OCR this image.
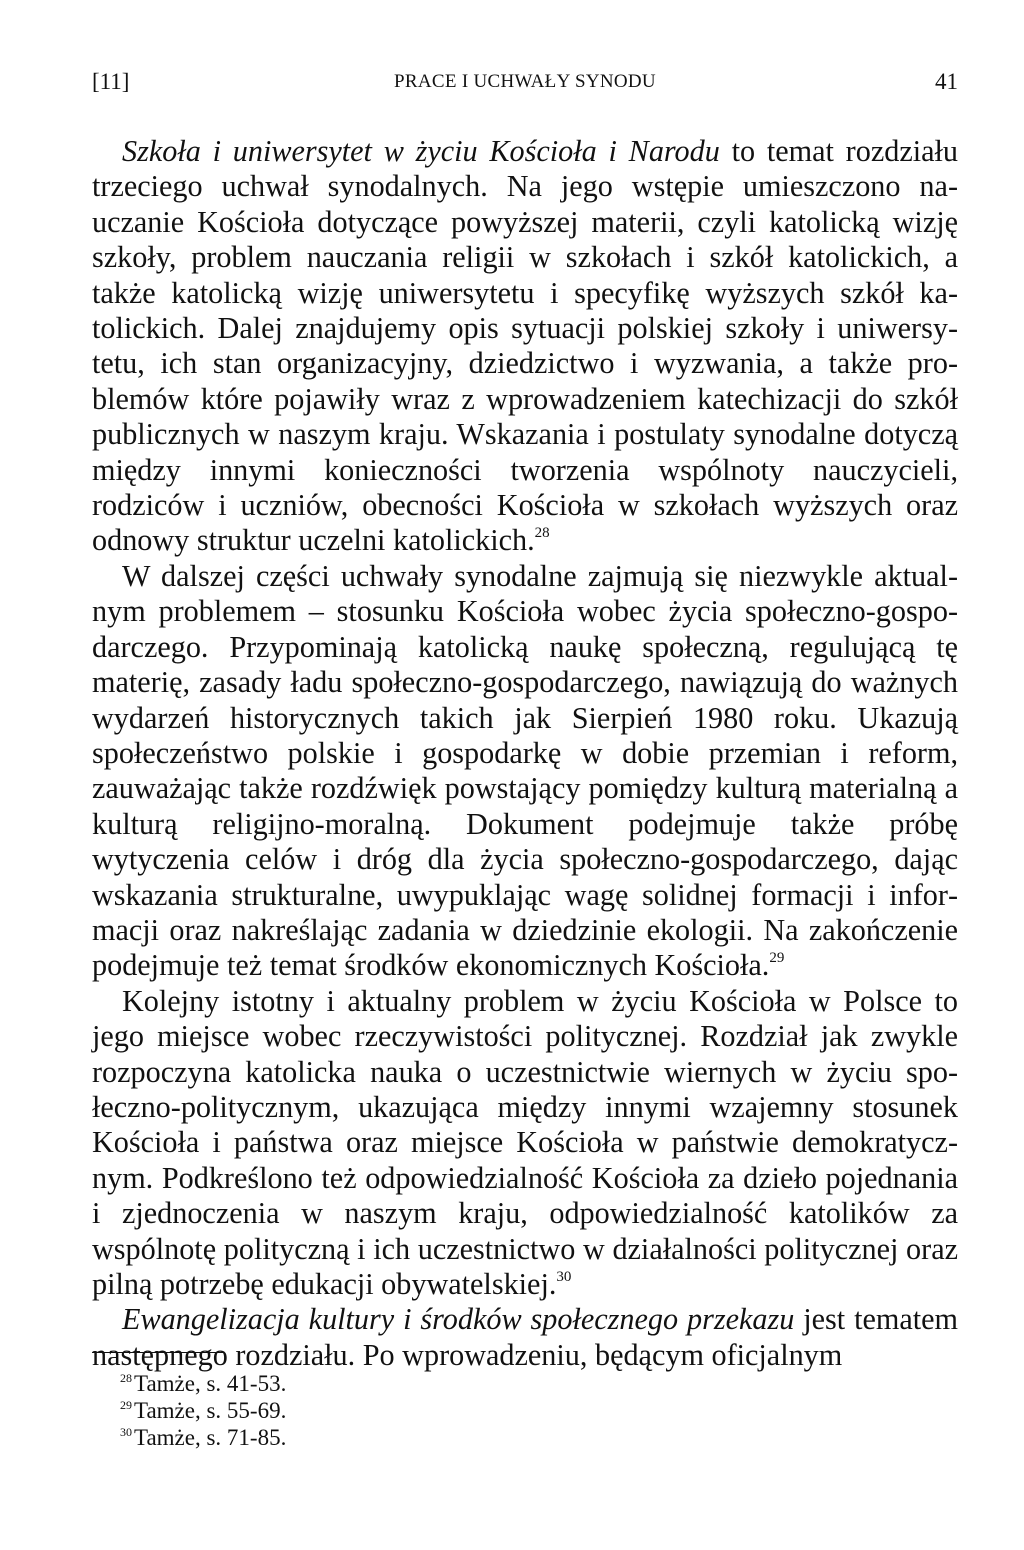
[11]	PRACE I UCHWAŁY SYNODU	41

Szkoła i uniwersytet w życiu Kościoła i Narodu to temat rozdziału trzeciego uchwał synodalnych. Na jego wstępie umieszczono nauczanie Kościoła dotyczące powyższej materii, czyli katolicką wizję szkoły, problem nauczania religii w szkołach i szkół katolickich, a także katolicką wizję uniwersytetu i specyfikę wyższych szkół katolickich. Dalej znajdujemy opis sytuacji polskiej szkoły i uniwersytetu, ich stan organizacyjny, dziedzictwo i wyzwania, a także problemów które pojawiły wraz z wprowadzeniem katechizacji do szkół publicznych w naszym kraju. Wskazania i postulaty synodalne dotyczą między innymi konieczności tworzenia wspólnoty nauczycieli, rodziców i uczniów, obecności Kościoła w szkołach wyższych oraz odnowy struktur uczelni katolickich.$^{28}$

W dalszej części uchwały synodalne zajmują się niezwykle aktualnym problemem – stosunku Kościoła wobec życia społeczno-gospodarczego. Przypominają katolicką naukę społeczną, regulującą tę materię, zasady ładu społeczno-gospodarczego, nawiązują do ważnych wydarzeń historycznych takich jak Sierpień 1980 roku. Ukazują społeczeństwo polskie i gospodarkę w dobie przemian i reform, zauważając także rozdźwięk powstający pomiędzy kulturą materialną a kulturą religijno-moralną. Dokument podejmuje także próbę wytyczenia celów i dróg dla życia społeczno-gospodarczego, dając wskazania strukturalne, uwypuklając wagę solidnej formacji i informacji oraz nakreślając zadania w dziedzinie ekologii. Na zakończenie podejmuje też temat środków ekonomicznych Kościoła.$^{29}$

Kolejny istotny i aktualny problem w życiu Kościoła w Polsce to jego miejsce wobec rzeczywistości politycznej. Rozdział jak zwykle rozpoczyna katolicka nauka o uczestnictwie wiernych w życiu społeczno-politycznym, ukazująca między innymi wzajemny stosunek Kościoła i państwa oraz miejsce Kościoła w państwie demokratycznym. Podkreślono też odpowiedzialność Kościoła za dzieło pojednania i zjednoczenia w naszym kraju, odpowiedzialność katolików za wspólnotę polityczną i ich uczestnictwo w działalności politycznej oraz pilną potrzebę edukacji obywatelskiej.$^{30}$

Ewangelizacja kultury i środków społecznego przekazu jest tematem następnego rozdziału. Po wprowadzeniu, będącym oficjalnym

$^{28}$Tamże, s. 41-53.
$^{29}$Tamże, s. 55-69.
$^{30}$Tamże, s. 71-85.
